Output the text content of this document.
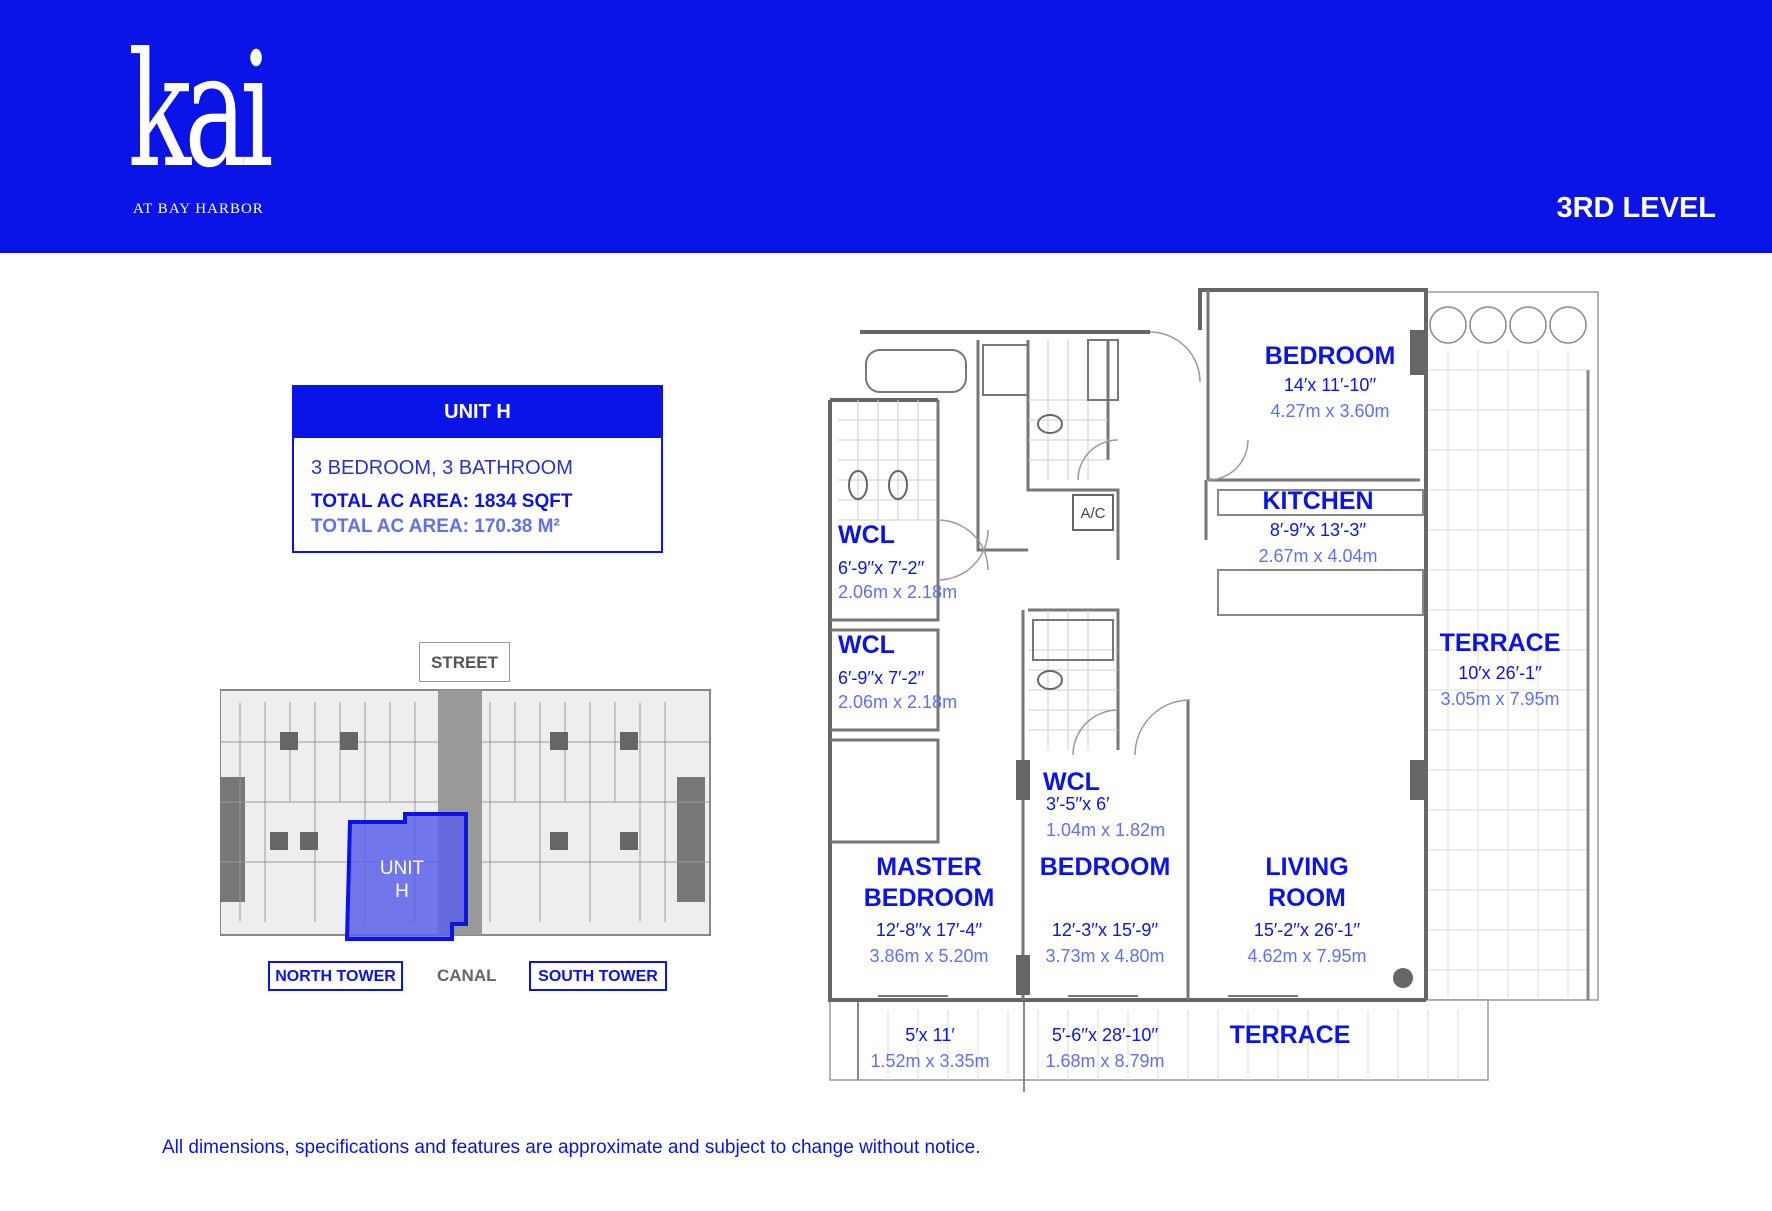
kai
AT BAY HARBOR	3RD LEVEL
UNIT H
3 BEDROOM, 3 BATHROOM
TOTAL AC AREA: 1834 SQFT
TOTAL AC AREA: 170.38 M²
STREET
UNIT
H
NORTH TOWER	CANAL	SOUTH TOWER
A/C
BEDROOM
14′x 11′-10′′
4.27m x 3.60m
KITCHEN
8′-9′′x 13′-3′′
2.67m x 4.04m
WCL
6′-9′′x 7′-2′′
2.06m x 2.18m
WCL
6′-9′′x 7′-2′′
2.06m x 2.18m
TERRACE
10′x 26′-1′′
3.05m x 7.95m
WCL
3′-5′′x 6′
1.04m x 1.82m
MASTER
BEDROOM
12′-8′′x 17′-4′′
3.86m x 5.20m
BEDROOM
12′-3′′x 15′-9′′
3.73m x 4.80m
LIVING
ROOM
15′-2′′x 26′-1′′
4.62m x 7.95m
TERRACE
5′x 11′
1.52m x 3.35m
5′-6′′x 28′-10′′
1.68m x 8.79m
All dimensions, specifications and features are approximate and subject to change without notice.
